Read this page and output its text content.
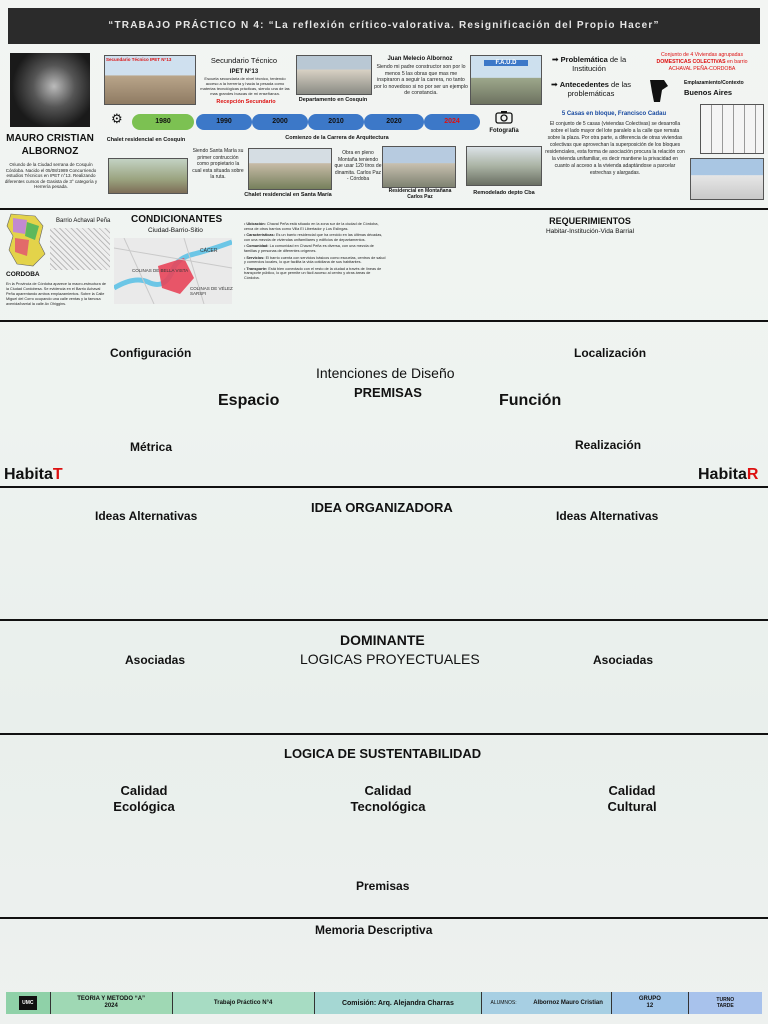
“TRABAJO PRÁCTICO N 4: “La reflexión crítico-valorativa. Resignificación del Propio Hacer”
MAURO CRISTIAN ALBORNOZ
Oriundo de la Ciudad serrana de Cosquín Córdoba. Nacido el 05/08/1989 Concurriendo estudios Técnicos en IPET n°13. Realizando diferentes cursos de Gasista de 3° categoría y Herrería pesada.
Secundario Técnico IPET N°13	Secundario Técnico
IPET N°13
Escuela secundaria de nivel técnico, teniendo acceso a la herrería y hacia la pesada como materias tecnológicas prácticas, siendo una de las mas grandes buscas de mi enseñanza.
Recepción Secundario	Departamento en Cosquín
Juan Melecio Albornoz
Siendo mi padre constructor son por lo menos 5 las obras que mas me inspiraron a seguir la carrera, no tanto por lo novedoso si no por ser un ejemplo de constancia.
F.A.U.D	➡ Problemática de la Institución
➡ Antecedentes de las problemáticas
Conjunto de 4 Viviendas agrupadas
DOMESTICAS COLECTIVAS en barrio
ACHAVAL PEÑA-CORDOBA
Emplazamiento/Contexto
Buenos Aires
5 Casas en bloque, Francisco Cadau
El conjunto de 5 casas (viviendas Colectivas) se desarrolla sobre el lado mayor del lote paralelo a la calle que remata sobre la plaza. Por otra parte, a diferencia de otras viviendas colectivas que aprovechan la superposición de los bloques residenciales, esta forma de asociación procura la relación con la vivienda unifamiliar, es decir mantiene la privacidad en cuanto al acceso a la vivienda adaptándose a parcelar estrechas y alargadas.
⚙	1980	1990	2000	2010	2020	2024
Chalet residencial en Cosquín	Comienzo de la Carrera de Arquitectura
Fotografía
Siendo Santa María su primer contrucción como propietario la cual esta situada sobre la ruta.
Chalet residencial en Santa María
Obra en pleno Montaña teniendo que usar 120 tiros de dinamita. Carlos Paz - Córdoba
Residencial en Montañana Carlos Paz
Remodelado depto Cba
Barrio Achaval Peña
CORDOBA
En la Provincia de Córdoba aparece la macro-estructura de la Ciudad Cordobesa. Se evidencia en el Barrio Achaval Peña aparentando ambos emplazamientos. Sobre la Calle Miguel del Corro ocupando una calle ventas y la famosa avenida/barrial la calle Av Ohiggins.
CONDICIONANTES
Ciudad-Barrio-Sitio
CÁCER
COLINAS DE BELLA VISTA
COLINAS DE VÉLEZ SARSFI
• Ubicación: Chaval Peña está situado en la zona sur de la ciudad de Córdoba, cerca de otros barrios como Villa El Libertador y Los Eslingas.
• Características: Es un barrio residencial que ha crecido en las últimas décadas, con una mezcla de viviendas unifamiliares y edificios de departamentos.
• Comunidad: La comunidad en Chaval Peña es diversa, con una mezcla de familias y personas de diferentes orígenes.
• Servicios: El barrio cuenta con servicios básicos como escuelas, centros de salud y comercios locales, lo que facilita la vida cotidiana de sus habitantes.
• Transporte: Está bien conectado con el resto de la ciudad a través de líneas de transporte público, lo que permite un fácil acceso al centro y otras áreas de Córdoba.
REQUERIMIENTOS
Habitar-Institución-Vida Barrial
Configuración	Localización
Intenciones de Diseño
PREMISAS
Espacio	Función
Métrica	Realización
HabitaT	HabitaR
IDEA ORGANIZADORA
Ideas Alternativas	Ideas Alternativas
DOMINANTE
LOGICAS PROYECTUALES
Asociadas	Asociadas
LOGICA DE SUSTENTABILIDAD
Calidad
Ecológica
Calidad
Tecnológica
Calidad
Cultural
Premisas
Memoria Descriptiva
UMC
TEORIA Y METODO “A”
2024	Trabajo Práctico N°4	Comisión: Arq. Alejandra Charras	ALUMNOS:	Albornoz Mauro Cristian
GRUPO
12
TURNO
TARDE
